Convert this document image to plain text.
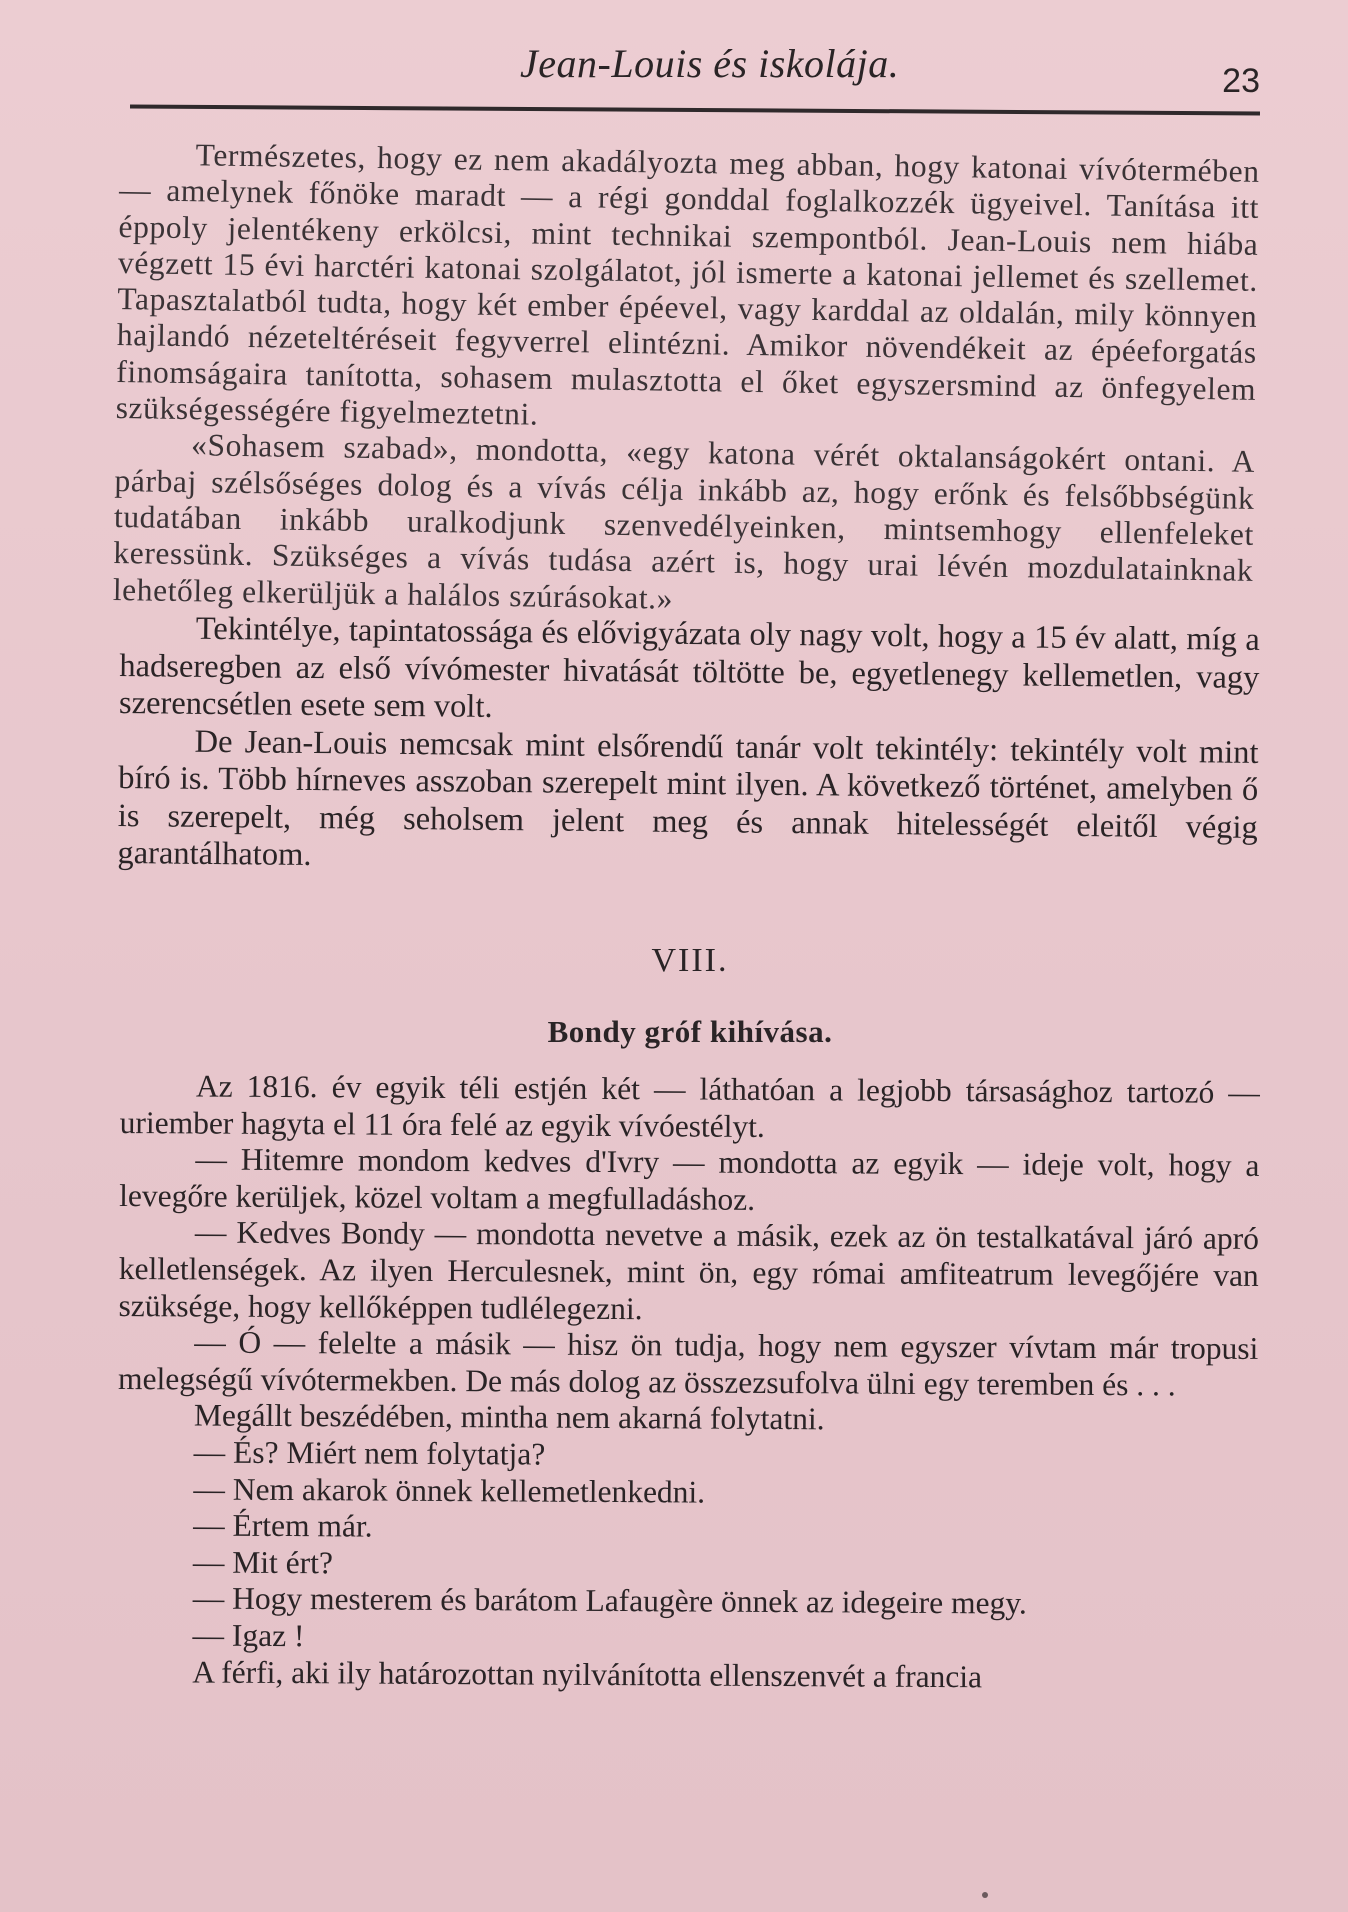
Jean-Louis és iskolája.	23

Természetes, hogy ez nem akadályozta meg abban, hogy katonai vívótermében — amelynek főnöke maradt — a régi gonddal foglalkozzék ügyeivel. Tanítása itt éppoly jelentékeny erkölcsi, mint technikai szempontból. Jean-Louis nem hiába végzett 15 évi harctéri katonai szolgálatot, jól ismerte a katonai jellemet és szellemet. Tapasztalatból tudta, hogy két ember épéevel, vagy karddal az oldalán, mily könnyen hajlandó nézeteltéréseit fegyverrel elintézni. Amikor növendékeit az épéeforgatás finomságaira tanította, sohasem mulasztotta el őket egyszersmind az önfegyelem szükségességére figyelmeztetni.

«Sohasem szabad», mondotta, «egy katona vérét oktalanságokért ontani. A párbaj szélsőséges dolog és a vívás célja inkább az, hogy erőnk és felsőbbségünk tudatában inkább uralkodjunk szenvedélyeinken, mintsemhogy ellenfeleket keressünk. Szükséges a vívás tudása azért is, hogy urai lévén mozdulatainknak lehetőleg elkerüljük a halálos szúrásokat.»

Tekintélye, tapintatossága és elővigyázata oly nagy volt, hogy a 15 év alatt, míg a hadseregben az első vívómester hivatását töltötte be, egyetlenegy kellemetlen, vagy szerencsétlen esete sem volt.

De Jean-Louis nemcsak mint elsőrendű tanár volt tekintély: tekintély volt mint bíró is. Több hírneves asszoban szerepelt mint ilyen. A következő történet, amelyben ő is szerepelt, még seholsem jelent meg és annak hitelességét eleitől végig garantálhatom.

VIII.
Bondy gróf kihívása.

Az 1816. év egyik téli estjén két — láthatóan a legjobb társasághoz tartozó — uriember hagyta el 11 óra felé az egyik vívóestélyt.

— Hitemre mondom kedves d'Ivry — mondotta az egyik — ideje volt, hogy a levegőre kerüljek, közel voltam a megfulladáshoz.

— Kedves Bondy — mondotta nevetve a másik, ezek az ön testalkatával járó apró kelletlenségek. Az ilyen Herculesnek, mint ön, egy római amfiteatrum levegőjére van szüksége, hogy kellőképpen tudlélegezni.

— Ó — felelte a másik — hisz ön tudja, hogy nem egyszer vívtam már tropusi melegségű vívótermekben. De más dolog az összezsufolva ülni egy teremben és . . .

Megállt beszédében, mintha nem akarná folytatni.

— És? Miért nem folytatja?

— Nem akarok önnek kellemetlenkedni.

— Értem már.

— Mit ért?

— Hogy mesterem és barátom Lafaugère önnek az idegeire megy.

— Igaz !

A férfi, aki ily határozottan nyilvánította ellenszenvét a francia
